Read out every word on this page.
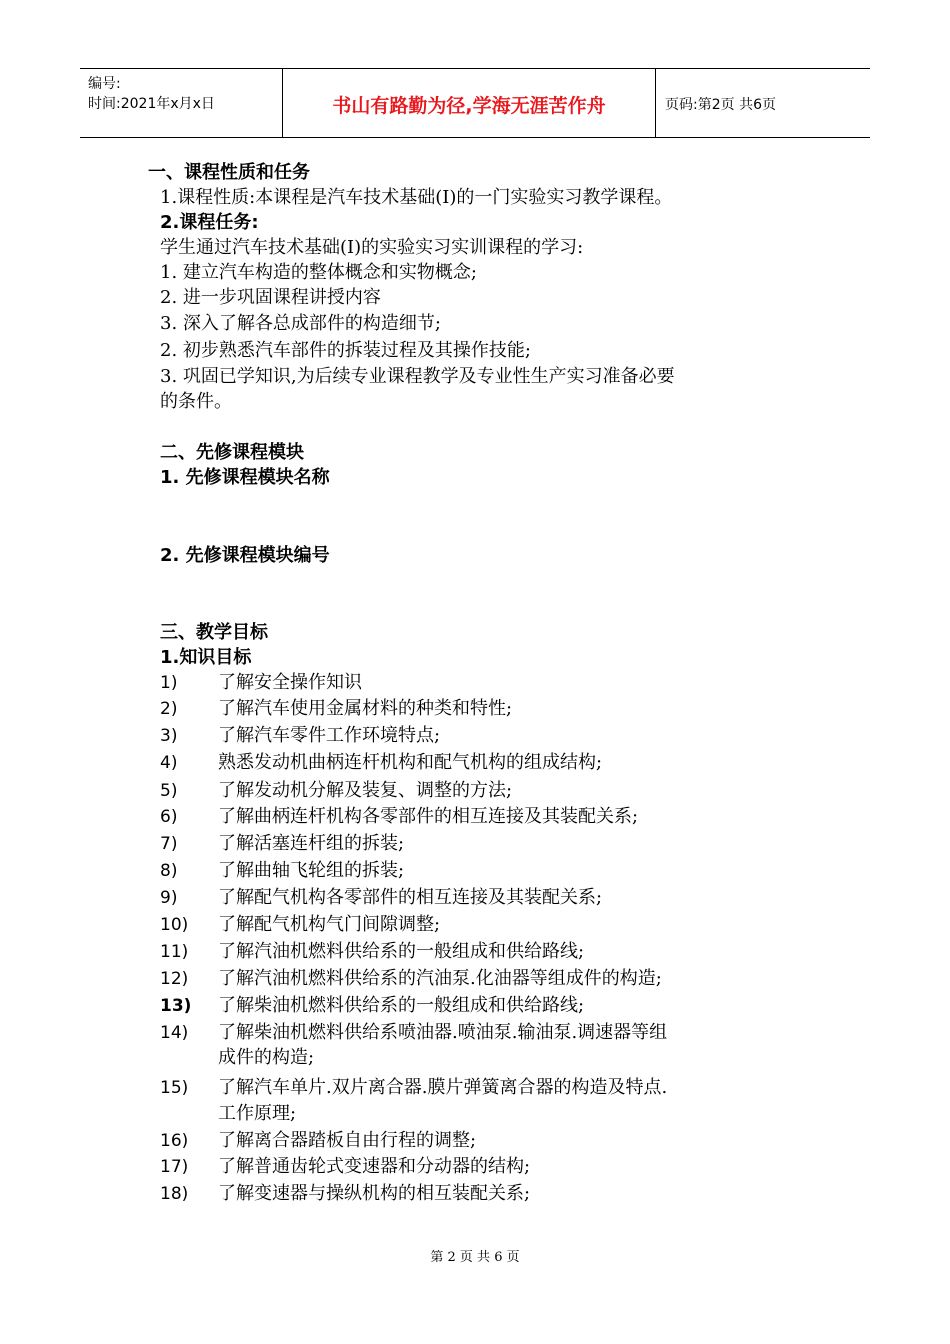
编号:
时间:2021年x月x日	书山有路勤为径,学海无涯苦作舟	页码:第2页 共6页
一、课程性质和任务
1.课程性质:本课程是汽车技术基础(I)的一门实验实习教学课程。
2.课程任务:
学生通过汽车技术基础(I)的实验实习实训课程的学习:
1. 建立汽车构造的整体概念和实物概念;
2. 进一步巩固课程讲授内容
3. 深入了解各总成部件的构造细节;
2. 初步熟悉汽车部件的拆装过程及其操作技能;
3. 巩固已学知识,为后续专业课程教学及专业性生产实习准备必要
的条件。
二、先修课程模块
1. 先修课程模块名称
2. 先修课程模块编号
三、教学目标
1.知识目标
1) 了解安全操作知识
2) 了解汽车使用金属材料的种类和特性;
3) 了解汽车零件工作环境特点;
4) 熟悉发动机曲柄连杆机构和配气机构的组成结构;
5) 了解发动机分解及装复、调整的方法;
6) 了解曲柄连杆机构各零部件的相互连接及其装配关系;
7) 了解活塞连杆组的拆装;
8) 了解曲轴飞轮组的拆装;
9) 了解配气机构各零部件的相互连接及其装配关系;
10) 了解配气机构气门间隙调整;
11) 了解汽油机燃料供给系的一般组成和供给路线;
12) 了解汽油机燃料供给系的汽油泵.化油器等组成件的构造;
13) 了解柴油机燃料供给系的一般组成和供给路线;
14) 了解柴油机燃料供给系喷油器.喷油泵.输油泵.调速器等组
成件的构造;
15) 了解汽车单片.双片离合器.膜片弹簧离合器的构造及特点.
工作原理;
16) 了解离合器踏板自由行程的调整;
17) 了解普通齿轮式变速器和分动器的结构;
18) 了解变速器与操纵机构的相互装配关系;
第 2 页 共 6 页
